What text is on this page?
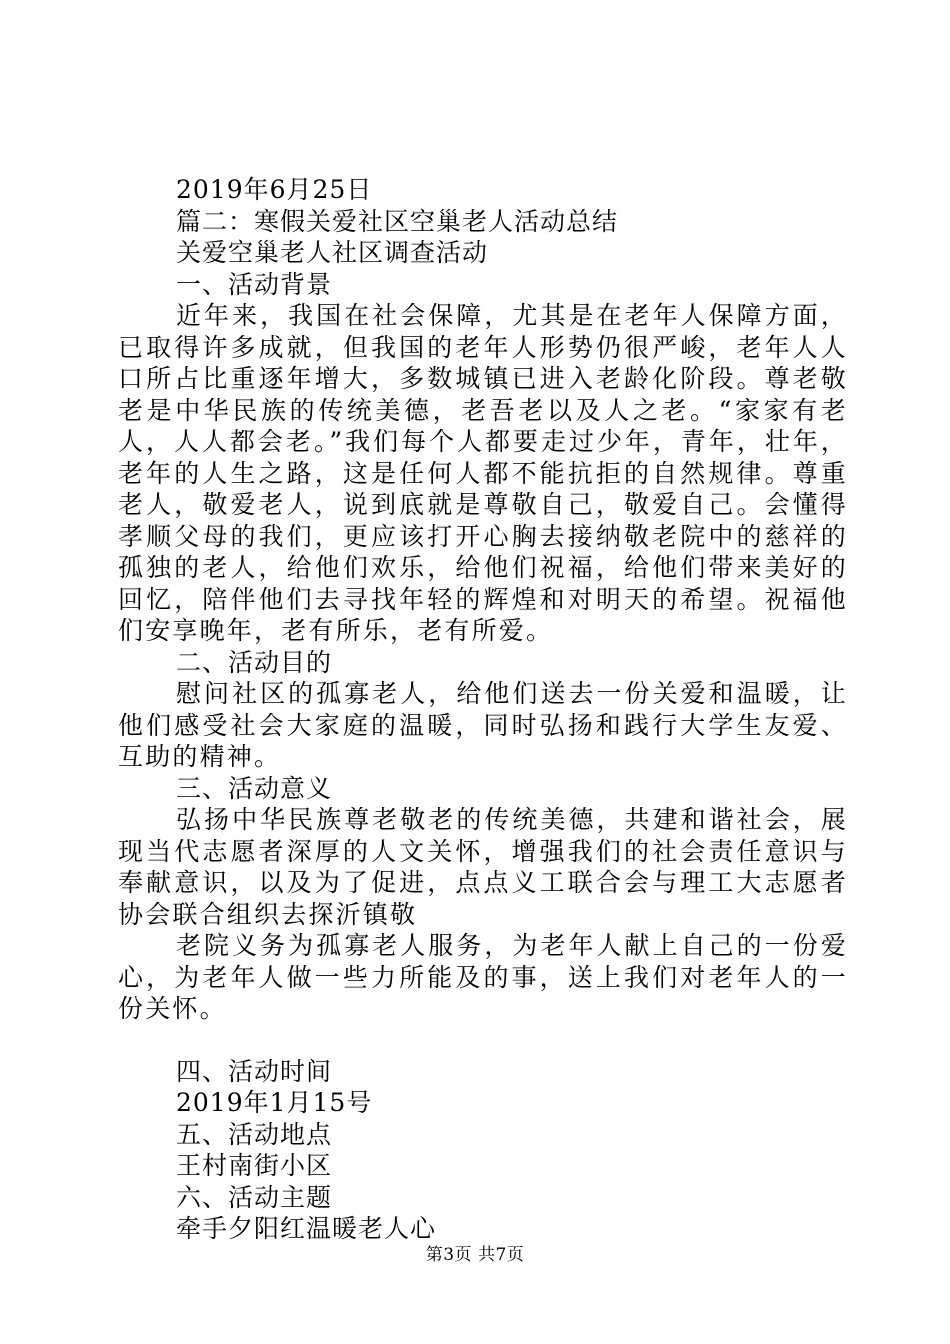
2019年6月25日

篇二：寒假关爱社区空巢老人活动总结

关爱空巢老人社区调查活动

一、活动背景

近年来，我国在社会保障，尤其是在老年人保障方面，已取得许多成就，但我国的老年人形势仍很严峻，老年人人口所占比重逐年增大，多数城镇已进入老龄化阶段。尊老敬老是中华民族的传统美德，老吾老以及人之老。“家家有老人，人人都会老。”我们每个人都要走过少年，青年，壮年，老年的人生之路，这是任何人都不能抗拒的自然规律。尊重老人，敬爱老人，说到底就是尊敬自己，敬爱自己。会懂得孝顺父母的我们，更应该打开心胸去接纳敬老院中的慈祥的孤独的老人，给他们欢乐，给他们祝福，给他们带来美好的回忆，陪伴他们去寻找年轻的辉煌和对明天的希望。祝福他们安享晚年，老有所乐，老有所爱。

二、活动目的

慰问社区的孤寡老人，给他们送去一份关爱和温暖，让他们感受社会大家庭的温暖，同时弘扬和践行大学生友爱、互助的精神。

三、活动意义

弘扬中华民族尊老敬老的传统美德，共建和谐社会，展现当代志愿者深厚的人文关怀，增强我们的社会责任意识与奉献意识，以及为了促进，点点义工联合会与理工大志愿者协会联合组织去探沂镇敬

老院义务为孤寡老人服务，为老年人献上自己的一份爱心，为老年人做一些力所能及的事，送上我们对老年人的一份关怀。

四、活动时间

2019年1月15号

五、活动地点

王村南街小区

六、活动主题

牵手夕阳红温暖老人心

第3页 共7页
